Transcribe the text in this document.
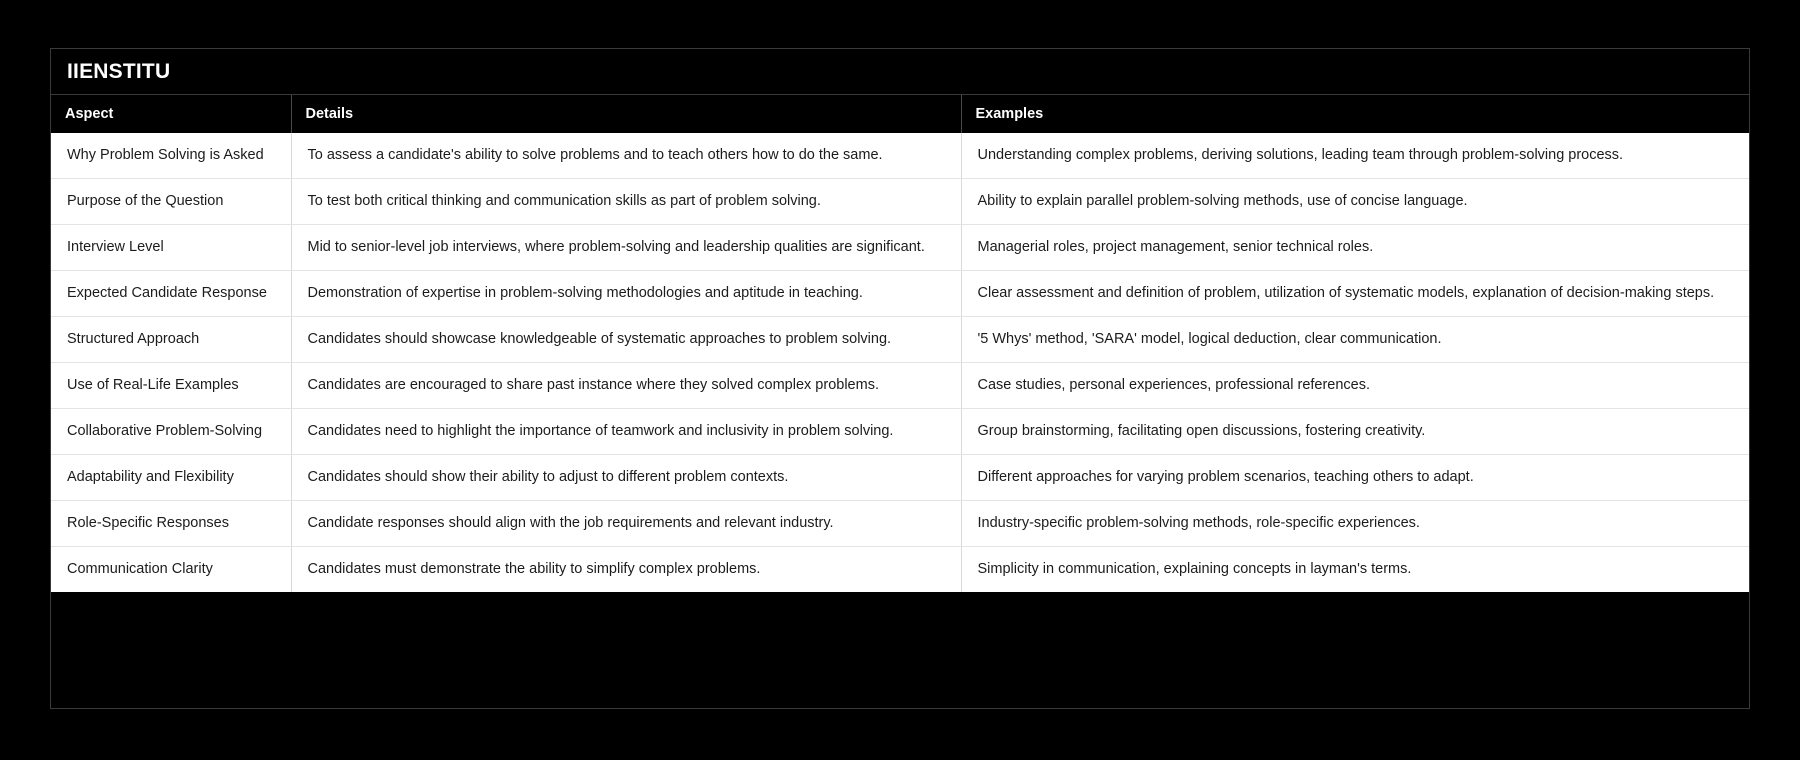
IIENSTITU
Aspect	Details	Examples
Why Problem Solving is Asked	To assess a candidate's ability to solve problems and to teach others how to do the same.	Understanding complex problems, deriving solutions, leading team through problem-solving process.
Purpose of the Question	To test both critical thinking and communication skills as part of problem solving.	Ability to explain parallel problem-solving methods, use of concise language.
Interview Level	Mid to senior-level job interviews, where problem-solving and leadership qualities are significant.	Managerial roles, project management, senior technical roles.
Expected Candidate Response	Demonstration of expertise in problem-solving methodologies and aptitude in teaching.	Clear assessment and definition of problem, utilization of systematic models, explanation of decision-making steps.
Structured Approach	Candidates should showcase knowledgeable of systematic approaches to problem solving.	'5 Whys' method, 'SARA' model, logical deduction, clear communication.
Use of Real-Life Examples	Candidates are encouraged to share past instance where they solved complex problems.	Case studies, personal experiences, professional references.
Collaborative Problem-Solving	Candidates need to highlight the importance of teamwork and inclusivity in problem solving.	Group brainstorming, facilitating open discussions, fostering creativity.
Adaptability and Flexibility	Candidates should show their ability to adjust to different problem contexts.	Different approaches for varying problem scenarios, teaching others to adapt.
Role-Specific Responses	Candidate responses should align with the job requirements and relevant industry.	Industry-specific problem-solving methods, role-specific experiences.
Communication Clarity	Candidates must demonstrate the ability to simplify complex problems.	Simplicity in communication, explaining concepts in layman's terms.
